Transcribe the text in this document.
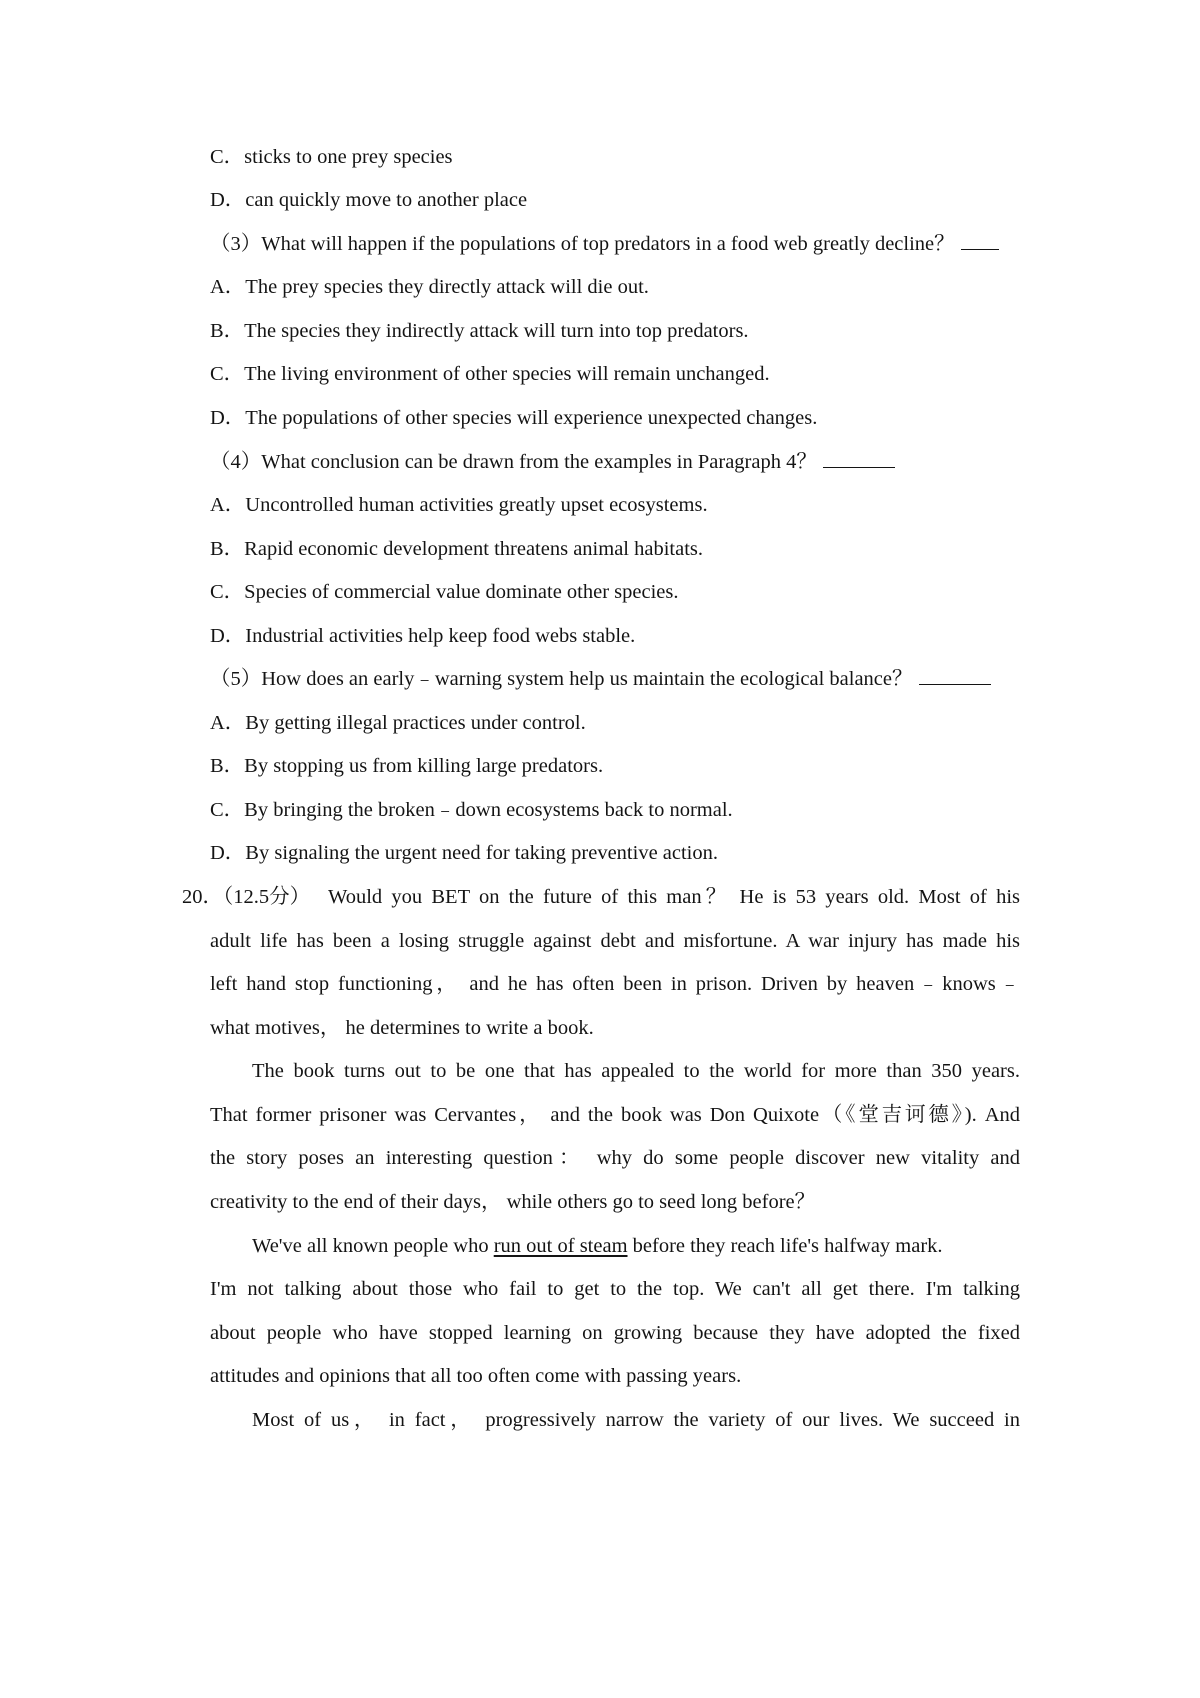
C．sticks to one prey species
D．can quickly move to another place
（3）What will happen if the populations of top predators in a food web greatly decline？
A．The prey species they directly attack will die out.
B．The species they indirectly attack will turn into top predators.
C．The living environment of other species will remain unchanged.
D．The populations of other species will experience unexpected changes.
（4）What conclusion can be drawn from the examples in Paragraph 4？
A．Uncontrolled human activities greatly upset ecosystems.
B．Rapid economic development threatens animal habitats.
C．Species of commercial value dominate other species.
D．Industrial activities help keep food webs stable.
（5）How does an early﹣warning system help us maintain the ecological balance？
A．By getting illegal practices under control.
B．By stopping us from killing large predators.
C．By bringing the broken﹣down ecosystems back to normal.
D．By signaling the urgent need for taking preventive action.
20．（12.5分） Would you BET on the future of this man？ He is 53 years old. Most of his
adult life has been a losing struggle against debt and misfortune. A war injury has made his
left hand stop functioning， and he has often been in prison. Driven by heaven﹣knows﹣
what motives， he determines to write a book.
The book turns out to be one that has appealed to the world for more than 350 years.
That former prisoner was Cervantes， and the book was Don Quixote（《堂吉诃德》). And
the story poses an interesting question： why do some people discover new vitality and
creativity to the end of their days， while others go to seed long before？
We've all known people who run out of steam before they reach life's halfway mark.
I'm not talking about those who fail to get to the top. We can't all get there. I'm talking
about people who have stopped learning on growing because they have adopted the fixed
attitudes and opinions that all too often come with passing years.
Most of us， in fact， progressively narrow the variety of our lives. We succeed in
